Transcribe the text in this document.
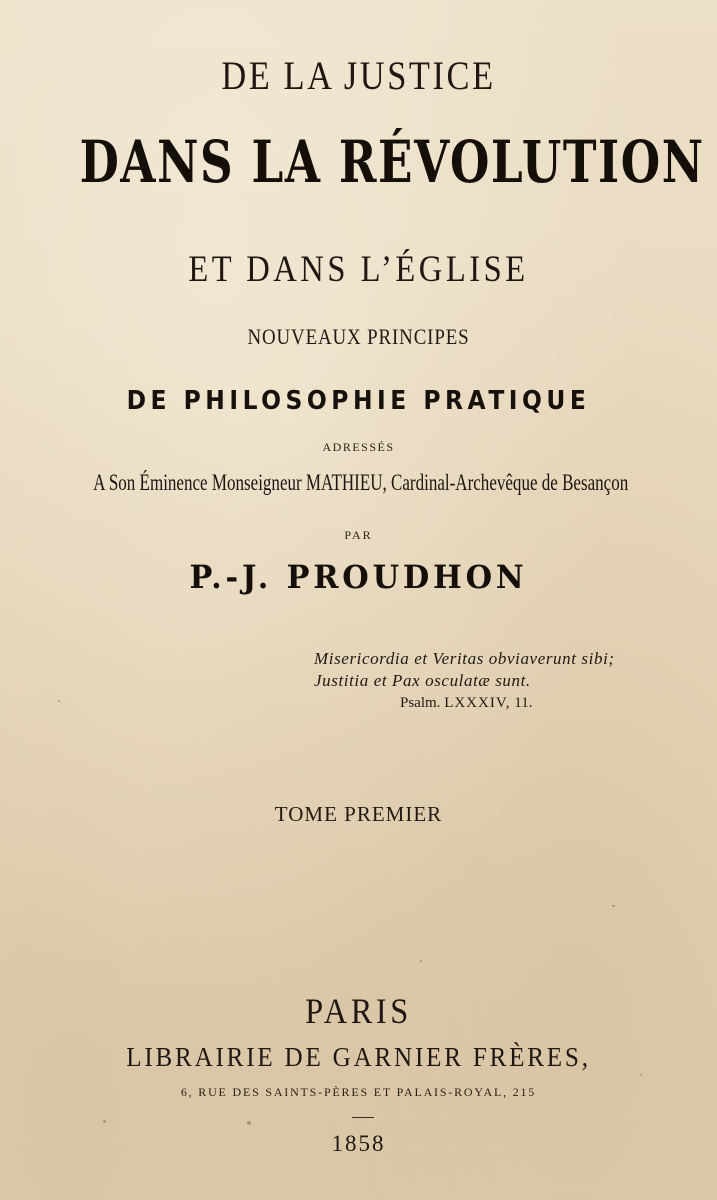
DE LA JUSTICE
DANS LA RÉVOLUTION
ET DANS L’ÉGLISE
NOUVEAUX PRINCIPES
DE PHILOSOPHIE PRATIQUE
ADRESSÉS
A Son Éminence Monseigneur MATHIEU, Cardinal-Archevêque de Besançon
PAR
P.-J. PROUDHON
Misericordia et Veritas obviaverunt sibi;
Justitia et Pax osculatæ sunt.
Psalm. LXXXIV, 11.
TOME PREMIER
PARIS
LIBRAIRIE DE GARNIER FRÈRES,
6, RUE DES SAINTS-PÈRES ET PALAIS-ROYAL, 215
1858
